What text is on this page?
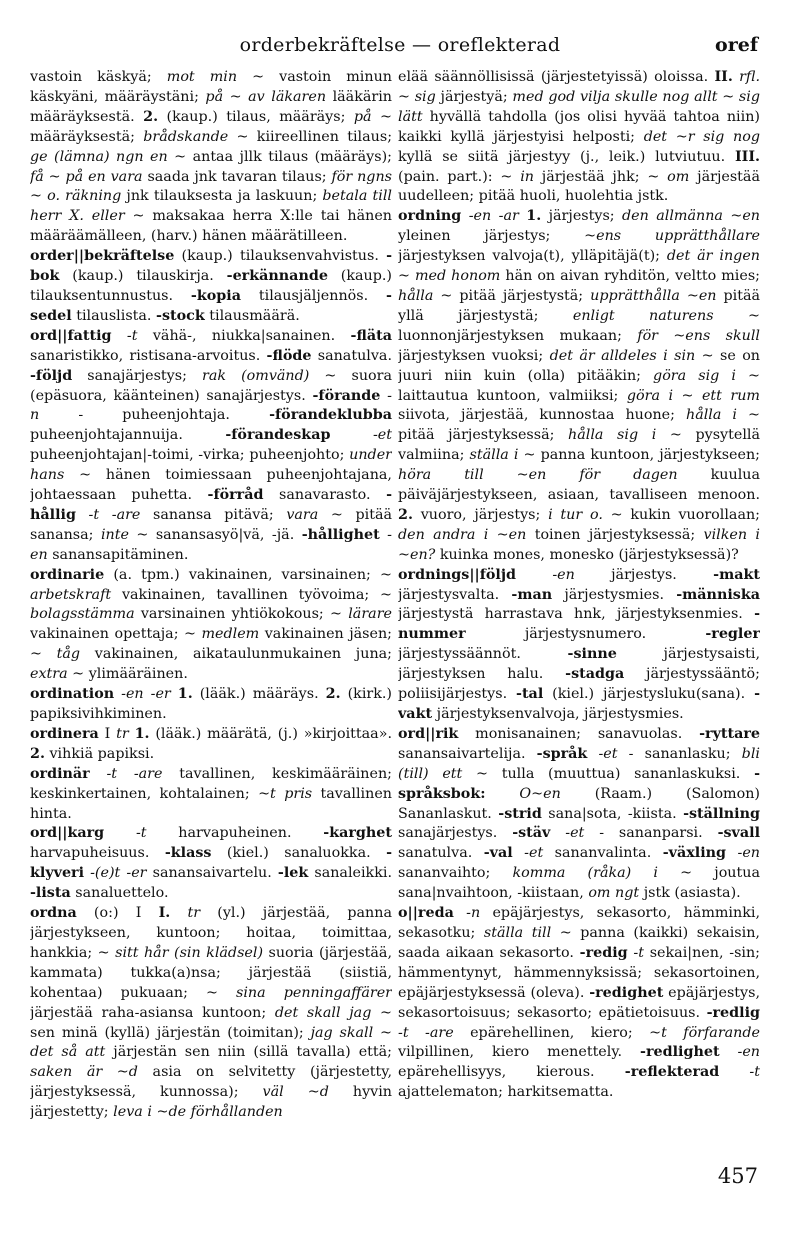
orderbekräftelse — oreflekterad	oref

vastoin käskyä; mot min ~ vastoin minun käskyäni, määräystäni; på ~ av läkaren lääkärin määräyksestä. 2. (kaup.) tilaus, määräys; på ~ määräyksestä; brådskande ~ kiireellinen tilaus; ge (lämna) ngn en ~ antaa jllk tilaus (määräys); få ~ på en vara saada jnk tavaran tilaus; för ngns ~ o. räkning jnk tilauksesta ja laskuun; betala till herr X. eller ~ maksakaa herra X:lle tai hänen määräämälleen, (harv.) hänen määrätilleen.

order||bekräftelse (kaup.) tilauksenvahvistus. -bok (kaup.) tilauskirja. -erkännande (kaup.) tilauksentunnustus. -kopia tilausjäljennös. -sedel tilauslista. -stock tilausmäärä.

ord||fattig -t vähä-, niukka|sanainen. -fläta sanaristikko, ristisana-arvoitus. -flöde sanatulva. -följd sanajärjestys; rak (omvänd) ~ suora (epäsuora, käänteinen) sanajärjestys. -förande -n - puheenjohtaja. -förandeklubba puheenjohtajannuija. -förandeskap -et puheenjohtajan|-toimi, -virka; puheenjohto; under hans ~ hänen toimiessaan puheenjohtajana, johtaessaan puhetta. -förråd sanavarasto. -hållig -t -are sanansa pitävä; vara ~ pitää sanansa; inte ~ sanansasyö|vä, -jä. -hållighet -en sanansapitäminen.

ordinarie (a. tpm.) vakinainen, varsinainen; ~ arbetskraft vakinainen, tavallinen työvoima; ~ bolagsstämma varsinainen yhtiökokous; ~ lärare vakinainen opettaja; ~ medlem vakinainen jäsen; ~ tåg vakinainen, aikataulunmukainen juna; extra ~ ylimääräinen.

ordination -en -er 1. (lääk.) määräys. 2. (kirk.) papiksivihkiminen.

ordinera I tr 1. (lääk.) määrätä, (j.) »kirjoittaa». 2. vihkiä papiksi.

ordinär -t -are tavallinen, keskimääräinen; keskinkertainen, kohtalainen; ~t pris tavallinen hinta.

ord||karg -t harvapuheinen. -karghet harvapuheisuus. -klass (kiel.) sanaluokka. -klyveri -(e)t -er sanansaivartelu. -lek sanaleikki. -lista sanaluettelo.

ordna (o:) I I. tr (yl.) järjestää, panna järjestykseen, kuntoon; hoitaa, toimittaa, hankkia; ~ sitt hår (sin klädsel) suoria (järjestää, kammata) tukka(a)nsa; järjestää (siistiä, kohentaa) pukuaan; ~ sina penningaffärer järjestää raha-asiansa kuntoon; det skall jag ~ sen minä (kyllä) järjestän (toimitan); jag skall ~ det så att järjestän sen niin (sillä tavalla) että; saken är ~d asia on selvitetty (järjestetty, järjestyksessä, kunnossa); väl ~d hyvin järjestetty; leva i ~de förhållanden

elää säännöllisissä (järjestetyissä) oloissa. II. rfl. ~ sig järjestyä; med god vilja skulle nog allt ~ sig lätt hyvällä tahdolla (jos olisi hyvää tahtoa niin) kaikki kyllä järjestyisi helposti; det ~r sig nog kyllä se siitä järjestyy (j., leik.) lutviutuu. III. (pain. part.): ~ in järjestää jhk; ~ om järjestää uudelleen; pitää huoli, huolehtia jstk.

ordning -en -ar 1. järjestys; den allmänna ~en yleinen järjestys; ~ens upprätthållare järjestyksen valvoja(t), ylläpitäjä(t); det är ingen ~ med honom hän on aivan ryhditön, veltto mies; hålla ~ pitää järjestystä; upprätthålla ~en pitää yllä järjestystä; enligt naturens ~ luonnonjärjestyksen mukaan; för ~ens skull järjestyksen vuoksi; det är alldeles i sin ~ se on juuri niin kuin (olla) pitääkin; göra sig i ~ laittautua kuntoon, valmiiksi; göra i ~ ett rum siivota, järjestää, kunnostaa huone; hålla i ~ pitää järjestyksessä; hålla sig i ~ pysytellä valmiina; ställa i ~ panna kuntoon, järjestykseen; höra till ~en för dagen kuulua päiväjärjestykseen, asiaan, tavalliseen menoon. 2. vuoro, järjestys; i tur o. ~ kukin vuorollaan; den andra i ~en toinen järjestyksessä; vilken i ~en? kuinka mones, monesko (järjestyksessä)?

ordnings||följd -en järjestys. -makt järjestysvalta. -man järjestysmies. -människa järjestystä harrastava hnk, järjestyksenmies. -nummer järjestysnumero. -regler järjestyssäännöt. -sinne järjestysaisti, järjestyksen halu. -stadga järjestyssääntö; poliisijärjestys. -tal (kiel.) järjestysluku(sana). -vakt järjestyksenvalvoja, järjestysmies.

ord||rik monisanainen; sanavuolas. -ryttare sanansaivartelija. -språk -et - sananlasku; bli (till) ett ~ tulla (muuttua) sananlaskuksi. -språksbok: O~en (Raam.) (Salomon) Sananlaskut. -strid sana|sota, -kiista. -ställning sanajärjestys. -stäv -et - sananparsi. -svall sanatulva. -val -et sananvalinta. -växling -en sananvaihto; komma (råka) i ~ joutua sana|nvaihtoon, -kiistaan, om ngt jstk (asiasta).

o||reda -n epäjärjestys, sekasorto, hämminki, sekasotku; ställa till ~ panna (kaikki) sekaisin, saada aikaan sekasorto. -redig -t sekai|nen, -sin; hämmentynyt, hämmennyksissä; sekasortoinen, epäjärjestyksessä (oleva). -redighet epäjärjestys, sekasortoisuus; sekasorto; epätietoisuus. -redlig -t -are epärehellinen, kiero; ~t förfarande vilpillinen, kiero menettely. -redlighet -en epärehellisyys, kierous. -reflekterad -t ajattelematon; harkitsematta.

457
